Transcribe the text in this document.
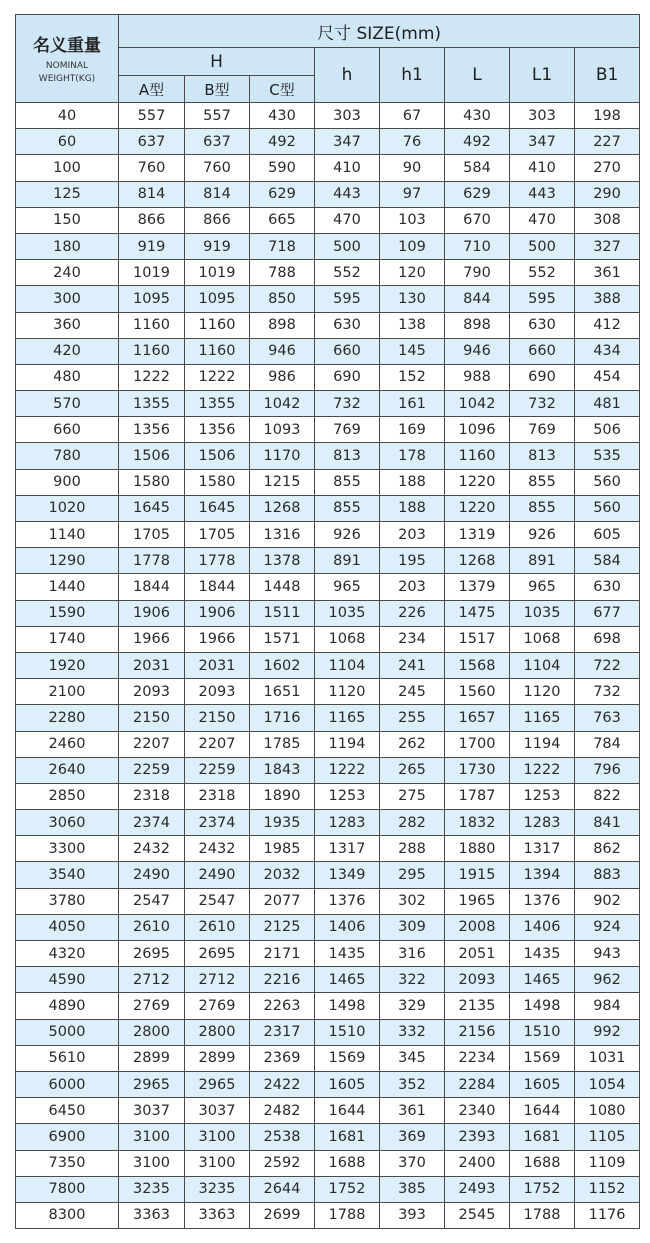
名义重量
NOMINAL
WEIGHT(KG)	尺寸 SIZE(mm)							
	H			h	h1	L	L1	B1
	A型	B型	C型					
40	557	557	430	303	67	430	303	198
60	637	637	492	347	76	492	347	227
100	760	760	590	410	90	584	410	270
125	814	814	629	443	97	629	443	290
150	866	866	665	470	103	670	470	308
180	919	919	718	500	109	710	500	327
240	1019	1019	788	552	120	790	552	361
300	1095	1095	850	595	130	844	595	388
360	1160	1160	898	630	138	898	630	412
420	1160	1160	946	660	145	946	660	434
480	1222	1222	986	690	152	988	690	454
570	1355	1355	1042	732	161	1042	732	481
660	1356	1356	1093	769	169	1096	769	506
780	1506	1506	1170	813	178	1160	813	535
900	1580	1580	1215	855	188	1220	855	560
1020	1645	1645	1268	855	188	1220	855	560
1140	1705	1705	1316	926	203	1319	926	605
1290	1778	1778	1378	891	195	1268	891	584
1440	1844	1844	1448	965	203	1379	965	630
1590	1906	1906	1511	1035	226	1475	1035	677
1740	1966	1966	1571	1068	234	1517	1068	698
1920	2031	2031	1602	1104	241	1568	1104	722
2100	2093	2093	1651	1120	245	1560	1120	732
2280	2150	2150	1716	1165	255	1657	1165	763
2460	2207	2207	1785	1194	262	1700	1194	784
2640	2259	2259	1843	1222	265	1730	1222	796
2850	2318	2318	1890	1253	275	1787	1253	822
3060	2374	2374	1935	1283	282	1832	1283	841
3300	2432	2432	1985	1317	288	1880	1317	862
3540	2490	2490	2032	1349	295	1915	1394	883
3780	2547	2547	2077	1376	302	1965	1376	902
4050	2610	2610	2125	1406	309	2008	1406	924
4320	2695	2695	2171	1435	316	2051	1435	943
4590	2712	2712	2216	1465	322	2093	1465	962
4890	2769	2769	2263	1498	329	2135	1498	984
5000	2800	2800	2317	1510	332	2156	1510	992
5610	2899	2899	2369	1569	345	2234	1569	1031
6000	2965	2965	2422	1605	352	2284	1605	1054
6450	3037	3037	2482	1644	361	2340	1644	1080
6900	3100	3100	2538	1681	369	2393	1681	1105
7350	3100	3100	2592	1688	370	2400	1688	1109
7800	3235	3235	2644	1752	385	2493	1752	1152
8300	3363	3363	2699	1788	393	2545	1788	1176
